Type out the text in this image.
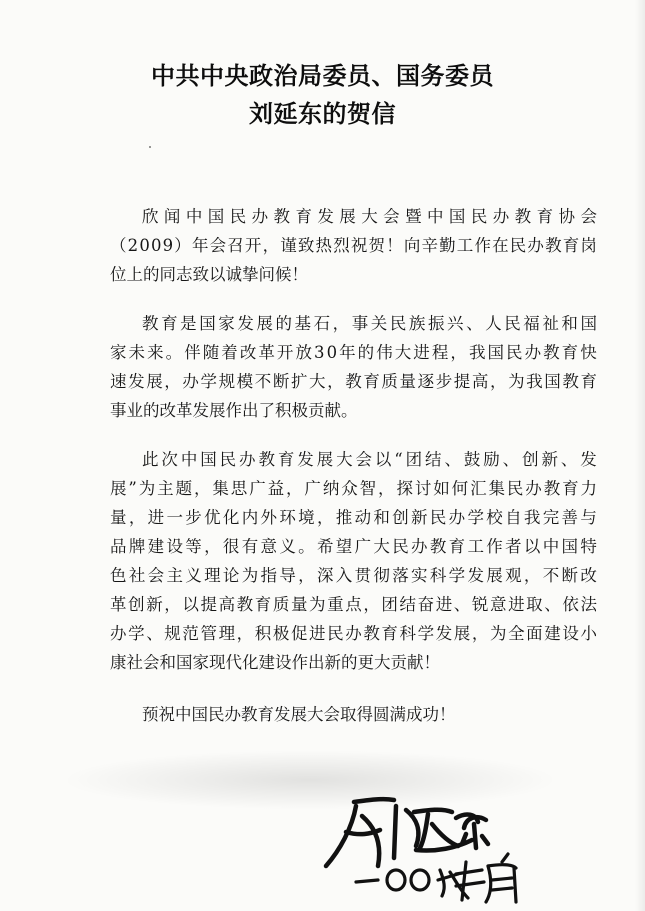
中共中央政治局委员、国务委员
刘延东的贺信
欣 闻 中 国 民 办 教 育 发 展 大 会 暨 中 国 民 办 教 育 协 会
（ 2 0 0 9 ） 年 会 召 开 ， 谨 致 热 烈 祝 贺 ！ 向 辛 勤 工 作 在 民 办 教 育 岗
位上的同志致以诚挚问候！
教 育 是 国 家 发 展 的 基 石 ， 事 关 民 族 振 兴 、 人 民 福 祉 和 国
家 未 来 。 伴 随 着 改 革 开 放 3 0 年 的 伟 大 进 程 ， 我 国 民 办 教 育 快
速 发 展 ， 办 学 规 模 不 断 扩 大 ， 教 育 质 量 逐 步 提 高 ， 为 我 国 教 育
事业的改革发展作出了积极贡献。
此 次 中 国 民 办 教 育 发 展 大 会 以 “ 团 结 、 鼓 励 、 创 新 、 发
展 ” 为 主 题 ， 集 思 广 益 ， 广 纳 众 智 ， 探 讨 如 何 汇 集 民 办 教 育 力
量 ， 进 一 步 优 化 内 外 环 境 ， 推 动 和 创 新 民 办 学 校 自 我 完 善 与
品 牌 建 设 等 ， 很 有 意 义 。 希 望 广 大 民 办 教 育 工 作 者 以 中 国 特
色 社 会 主 义 理 论 为 指 导 ， 深 入 贯 彻 落 实 科 学 发 展 观 ， 不 断 改
革 创 新 ， 以 提 高 教 育 质 量 为 重 点 ， 团 结 奋 进 、 锐 意 进 取 、 依 法
办 学 、 规 范 管 理 ， 积 极 促 进 民 办 教 育 科 学 发 展 ， 为 全 面 建 设 小
康社会和国家现代化建设作出新的更大贡献！
预祝中国民办教育发展大会取得圆满成功！
